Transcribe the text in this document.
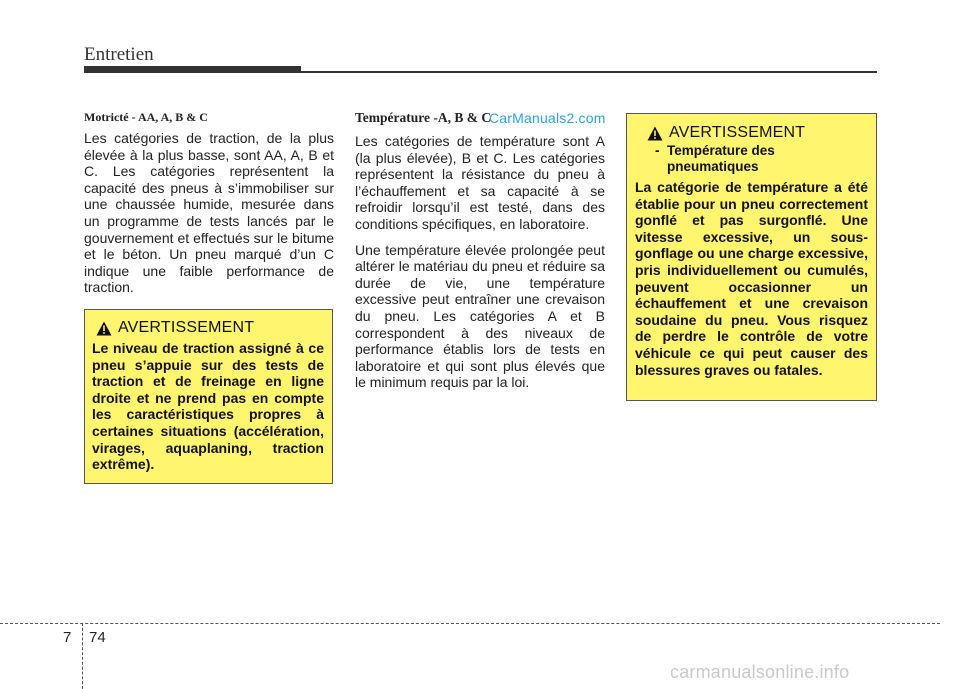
Entretien
Motricté - AA, A, B & C

Les catégories de traction, de la plus élevée à la plus basse, sont AA, A, B et C. Les catégories représentent la capacité des pneus à s’immobiliser sur une chaussée humide, mesurée dans un programme de tests lancés par le gouvernement et effectués sur le bitume et le béton. Un pneu marqué d’un C indique une faible performance de traction.

AVERTISSEMENT

Le niveau de traction assigné à ce pneu s’appuie sur des tests de traction et de freinage en ligne droite et ne prend pas en compte les caractéristiques propres à certaines situations (accélération, virages, aquaplaning, traction extrême).

Température -A, B & C

Les catégories de température sont A (la plus élevée), B et C. Les catégories représentent la résistance du pneu à l’échauffement et sa capacité à se refroidir lorsqu’il est testé, dans des conditions spécifiques, en laboratoire.

Une température élevée prolongée peut altérer le matériau du pneu et réduire sa durée de vie, une température excessive peut entraîner une crevaison du pneu. Les catégories A et B correspondent à des niveaux de performance établis lors de tests en laboratoire et qui sont plus élevés que le minimum requis par la loi.

CarManuals2.com
AVERTISSEMENT
- Température des pneumatiques

La catégorie de température a été établie pour un pneu correctement gonflé et pas surgonflé. Une vitesse excessive, un sous-gonflage ou une charge excessive, pris individuellement ou cumulés, peuvent occasionner un échauffement et une crevaison soudaine du pneu. Vous risquez de perdre le contrôle de votre véhicule ce qui peut causer des blessures graves ou fatales.

7 74
carmanualsonline.info
